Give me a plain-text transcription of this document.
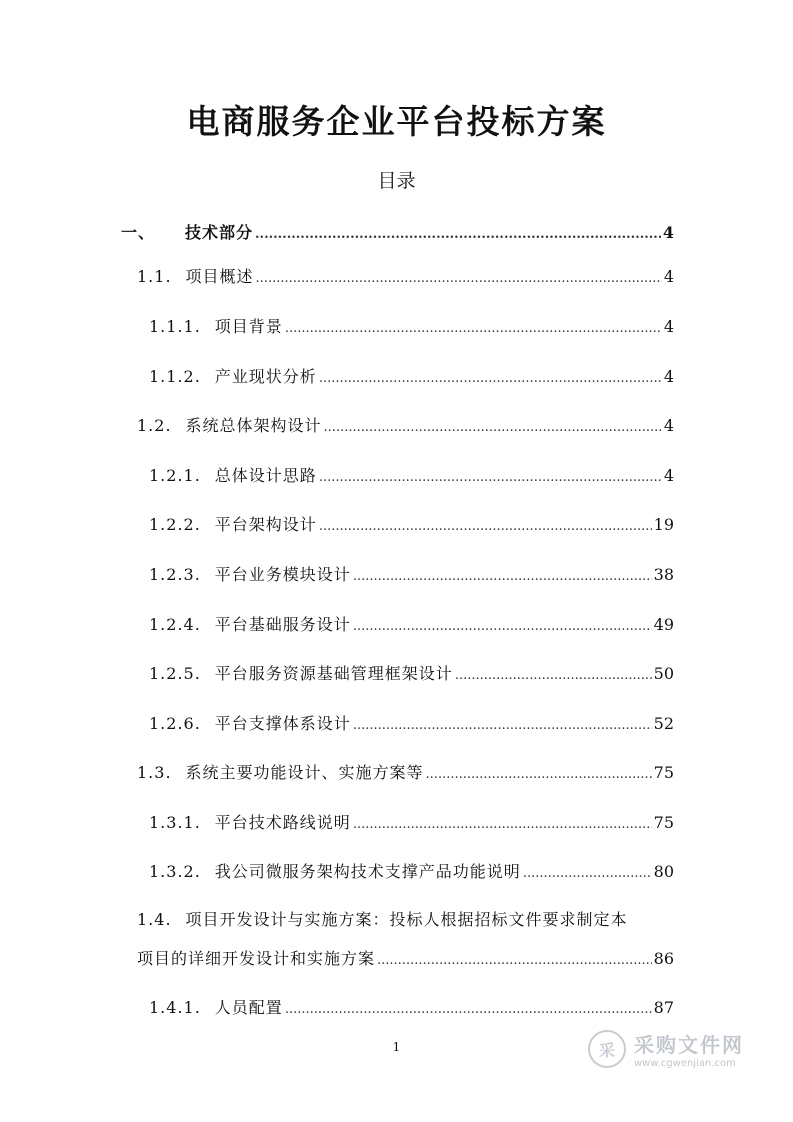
电商服务企业平台投标方案
目录
一、	技术部分 .....	4
1.1. 项目概述 .....	4
1.1.1. 项目背景 .....	4
1.1.2. 产业现状分析 .....	4
1.2. 系统总体架构设计 .....	4
1.2.1. 总体设计思路 .....	4
1.2.2. 平台架构设计 .....	19
1.2.3. 平台业务模块设计 .....	38
1.2.4. 平台基础服务设计 .....	49
1.2.5. 平台服务资源基础管理框架设计 .....	50
1.2.6. 平台支撑体系设计 .....	52
1.3. 系统主要功能设计、实施方案等 .....	75
1.3.1. 平台技术路线说明 .....	75
1.3.2. 我公司微服务架构技术支撑产品功能说明 .....	80
1.4. 项目开发设计与实施方案：投标人根据招标文件要求制定本
项目的详细开发设计和实施方案 .....	86
1.4.1. 人员配置 .....	87
1	采 采购文件网
www.cgwenjian.com
